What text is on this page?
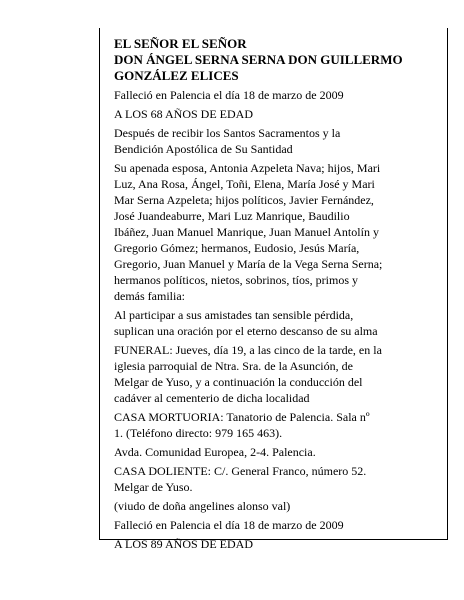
EL SEÑOR EL SEÑOR

DON ÁNGEL SERNA SERNA DON GUILLERMO
GONZÁLEZ ELICES

Falleció en Palencia el día 18 de marzo de 2009

A LOS 68 AÑOS DE EDAD

Después de recibir los Santos Sacramentos y la
Bendición Apostólica de Su Santidad

Su apenada esposa, Antonia Azpeleta Nava; hijos, Mari
Luz, Ana Rosa, Ángel, Toñi, Elena, María José y Mari
Mar Serna Azpeleta; hijos políticos, Javier Fernández,
José Juandeaburre, Mari Luz Manrique, Baudilio
Ibáñez, Juan Manuel Manrique, Juan Manuel Antolín y
Gregorio Gómez; hermanos, Eudosio, Jesús María,
Gregorio, Juan Manuel y María de la Vega Serna Serna;
hermanos políticos, nietos, sobrinos, tíos, primos y
demás familia:

Al participar a sus amistades tan sensible pérdida,
suplican una oración por el eterno descanso de su alma

FUNERAL: Jueves, día 19, a las cinco de la tarde, en la
iglesia parroquial de Ntra. Sra. de la Asunción, de
Melgar de Yuso, y a continuación la conducción del
cadáver al cementerio de dicha localidad

CASA MORTUORIA: Tanatorio de Palencia. Sala nº
1. (Teléfono directo: 979 165 463).

Avda. Comunidad Europea, 2-4. Palencia.

CASA DOLIENTE: C/. General Franco, número 52.
Melgar de Yuso.

(viudo de doña angelines alonso val)

Falleció en Palencia el día 18 de marzo de 2009

A LOS 89 AÑOS DE EDAD
